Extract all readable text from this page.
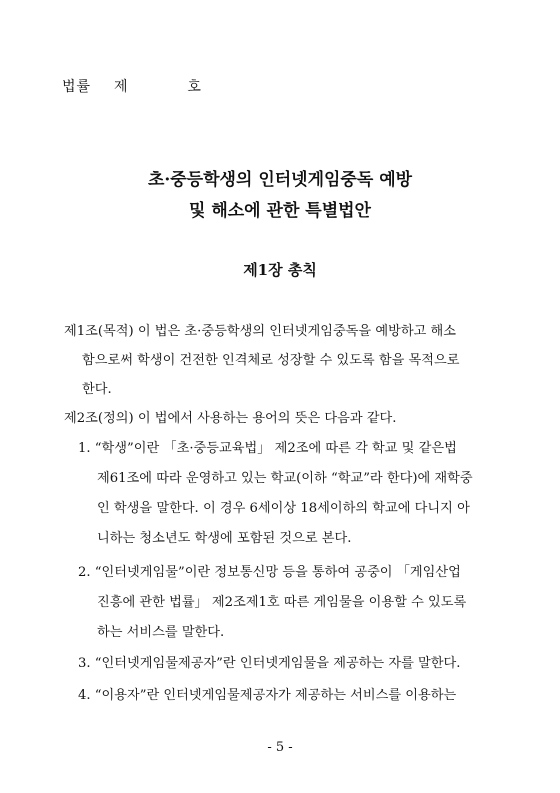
법률 제	호
초·중등학생의 인터넷게임중독 예방
및 해소에 관한 특별법안
제1장 총칙
제1조(목적) 이 법은 초·중등학생의 인터넷게임중독을 예방하고 해소
함으로써 학생이 건전한 인격체로 성장할 수 있도록 함을 목적으로
한다.
제2조(정의) 이 법에서 사용하는 용어의 뜻은 다음과 같다.
1. “학생”이란 「초·중등교육법」 제2조에 따른 각 학교 및 같은법
제61조에 따라 운영하고 있는 학교(이하 “학교”라 한다)에 재학중
인 학생을 말한다. 이 경우 6세이상 18세이하의 학교에 다니지 아
니하는 청소년도 학생에 포함된 것으로 본다.
2. “인터넷게임물”이란 정보통신망 등을 통하여 공중이 「게임산업
진흥에 관한 법률」 제2조제1호 따른 게임물을 이용할 수 있도록
하는 서비스를 말한다.
3. “인터넷게임물제공자”란 인터넷게임물을 제공하는 자를 말한다.
4. “이용자”란 인터넷게임물제공자가 제공하는 서비스를 이용하는
- 5 -
